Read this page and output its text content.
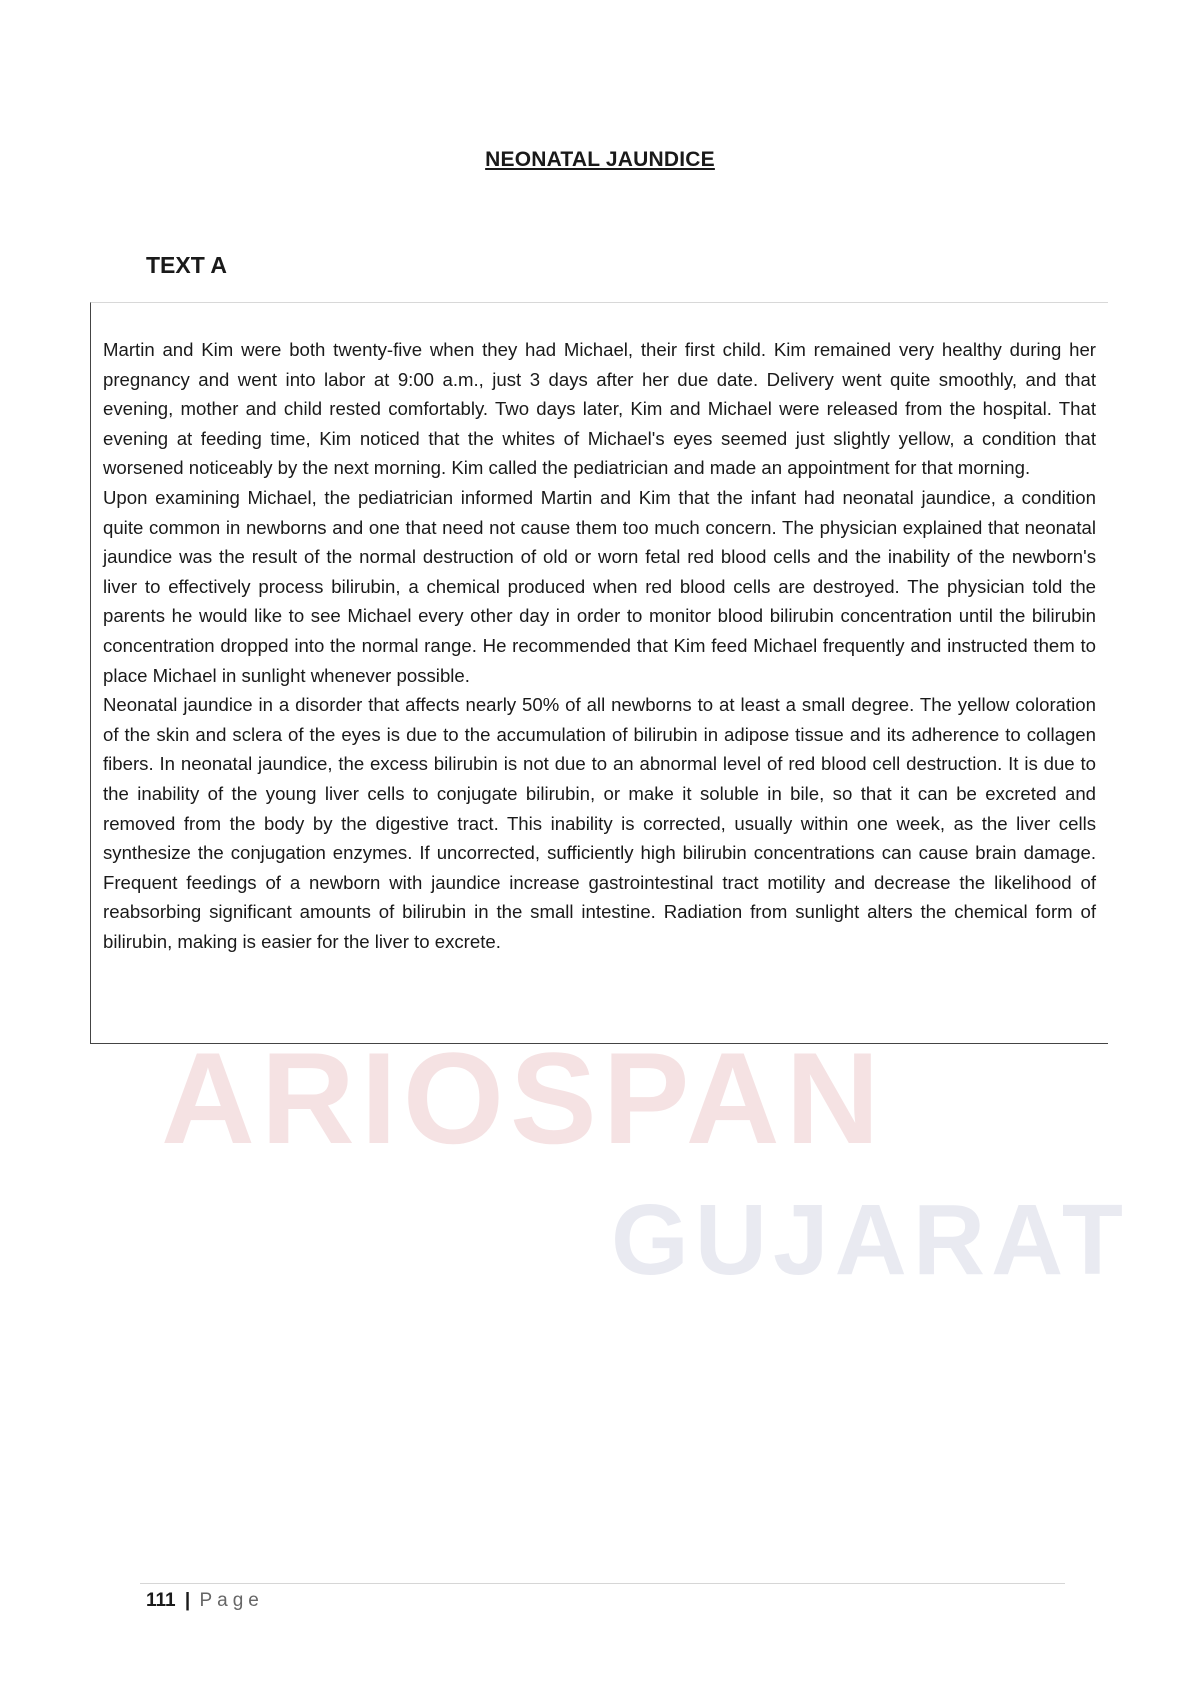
NEONATAL JAUNDICE
TEXT A
ARIOSPAN
GUJARAT

Martin and Kim were both twenty-five when they had Michael, their first child. Kim remained very healthy during her pregnancy and went into labor at 9:00 a.m., just 3 days after her due date. Delivery went quite smoothly, and that evening, mother and child rested comfortably. Two days later, Kim and Michael were released from the hospital. That evening at feeding time, Kim noticed that the whites of Michael's eyes seemed just slightly yellow, a condition that worsened noticeably by the next morning. Kim called the pediatrician and made an appointment for that morning.

Upon examining Michael, the pediatrician informed Martin and Kim that the infant had neonatal jaundice, a condition quite common in newborns and one that need not cause them too much concern. The physician explained that neonatal jaundice was the result of the normal destruction of old or worn fetal red blood cells and the inability of the newborn's liver to effectively process bilirubin, a chemical produced when red blood cells are destroyed. The physician told the parents he would like to see Michael every other day in order to monitor blood bilirubin concentration until the bilirubin concentration dropped into the normal range. He recommended that Kim feed Michael frequently and instructed them to place Michael in sunlight whenever possible.

Neonatal jaundice in a disorder that affects nearly 50% of all newborns to at least a small degree. The yellow coloration of the skin and sclera of the eyes is due to the accumulation of bilirubin in adipose tissue and its adherence to collagen fibers. In neonatal jaundice, the excess bilirubin is not due to an abnormal level of red blood cell destruction. It is due to the inability of the young liver cells to conjugate bilirubin, or make it soluble in bile, so that it can be excreted and removed from the body by the digestive tract. This inability is corrected, usually within one week, as the liver cells synthesize the conjugation enzymes. If uncorrected, sufficiently high bilirubin concentrations can cause brain damage. Frequent feedings of a newborn with jaundice increase gastrointestinal tract motility and decrease the likelihood of reabsorbing significant amounts of bilirubin in the small intestine. Radiation from sunlight alters the chemical form of bilirubin, making is easier for the liver to excrete.

111 | Page
